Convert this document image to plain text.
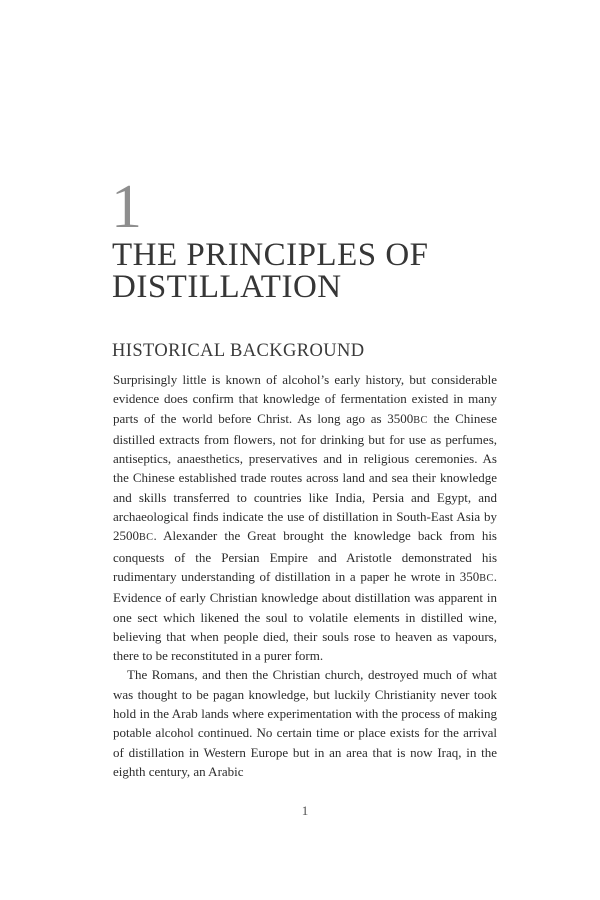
1
THE PRINCIPLES OF DISTILLATION
HISTORICAL BACKGROUND

Surprisingly little is known of alcohol’s early history, but considerable evidence does confirm that knowledge of fermentation existed in many parts of the world before Christ. As long ago as 3500BC the Chinese distilled extracts from flowers, not for drinking but for use as perfumes, antiseptics, anaesthetics, preservatives and in religious ceremonies. As the Chinese established trade routes across land and sea their knowledge and skills transferred to countries like India, Persia and Egypt, and archaeological finds indicate the use of distillation in South-East Asia by 2500BC. Alexander the Great brought the knowledge back from his conquests of the Persian Empire and Aristotle demonstrated his rudimentary understanding of distillation in a paper he wrote in 350BC. Evidence of early Christian knowledge about distillation was apparent in one sect which likened the soul to volatile elements in distilled wine, believing that when people died, their souls rose to heaven as vapours, there to be reconstituted in a purer form.

The Romans, and then the Christian church, destroyed much of what was thought to be pagan knowledge, but luckily Christianity never took hold in the Arab lands where experimentation with the process of making potable alcohol continued. No certain time or place exists for the arrival of distillation in Western Europe but in an area that is now Iraq, in the eighth century, an Arabic

1
